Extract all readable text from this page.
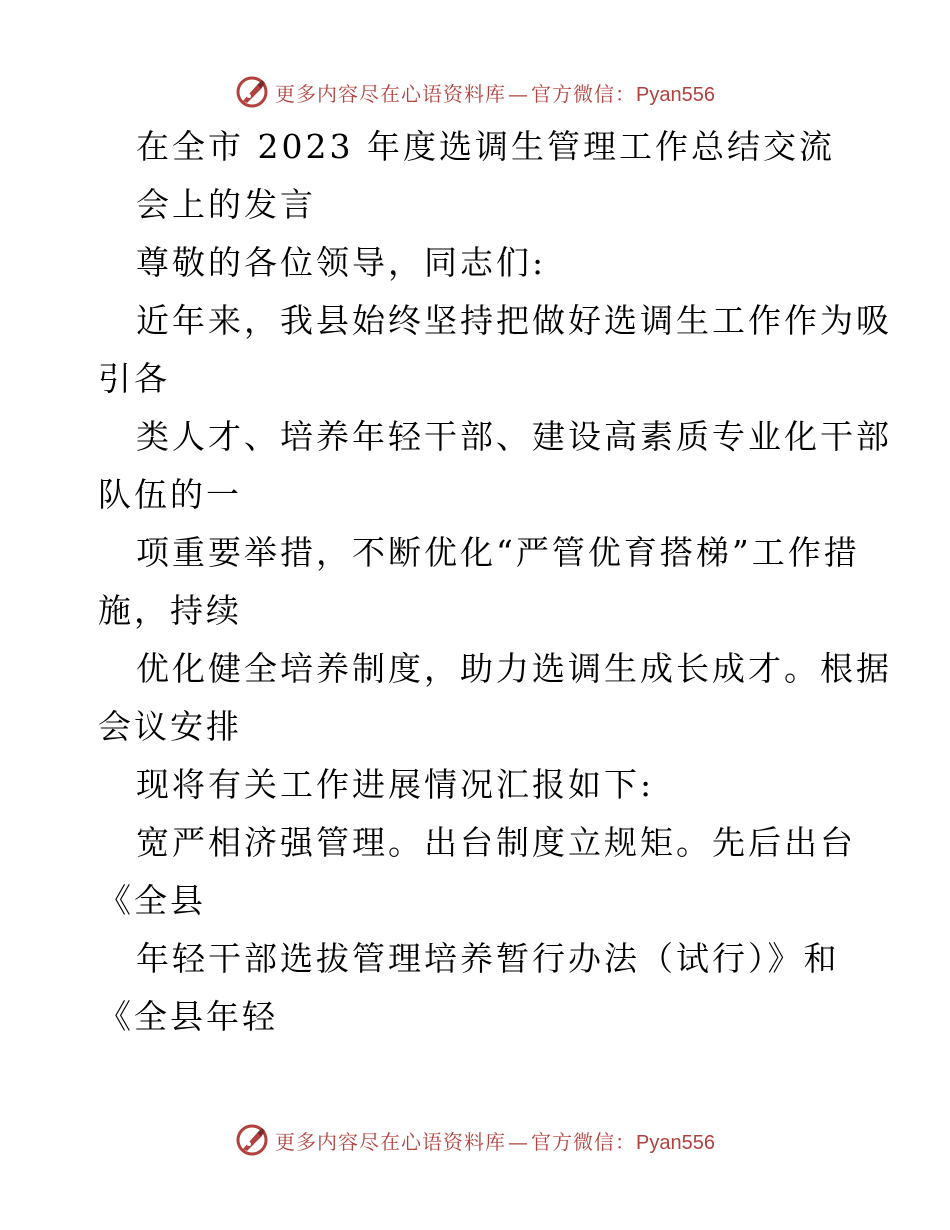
更多内容尽在心语资料库 — 官方微信：Pyan556
在全市 2023 年度选调生管理工作总结交流
会上的发言
尊敬的各位领导，同志们:
近年来，我县始终坚持把做好选调生工作作为吸
引各
类人才、培养年轻干部、建设高素质专业化干部
队伍的一
项重要举措，不断优化“严管优育搭梯”工作措
施，持续
优化健全培养制度，助力选调生成长成才。根据
会议安排
现将有关工作进展情况汇报如下:
宽严相济强管理。出台制度立规矩。先后出台
《全县
年轻干部选拔管理培养暂行办法（试行）》和
《全县年轻
更多内容尽在心语资料库 — 官方微信：Pyan556
